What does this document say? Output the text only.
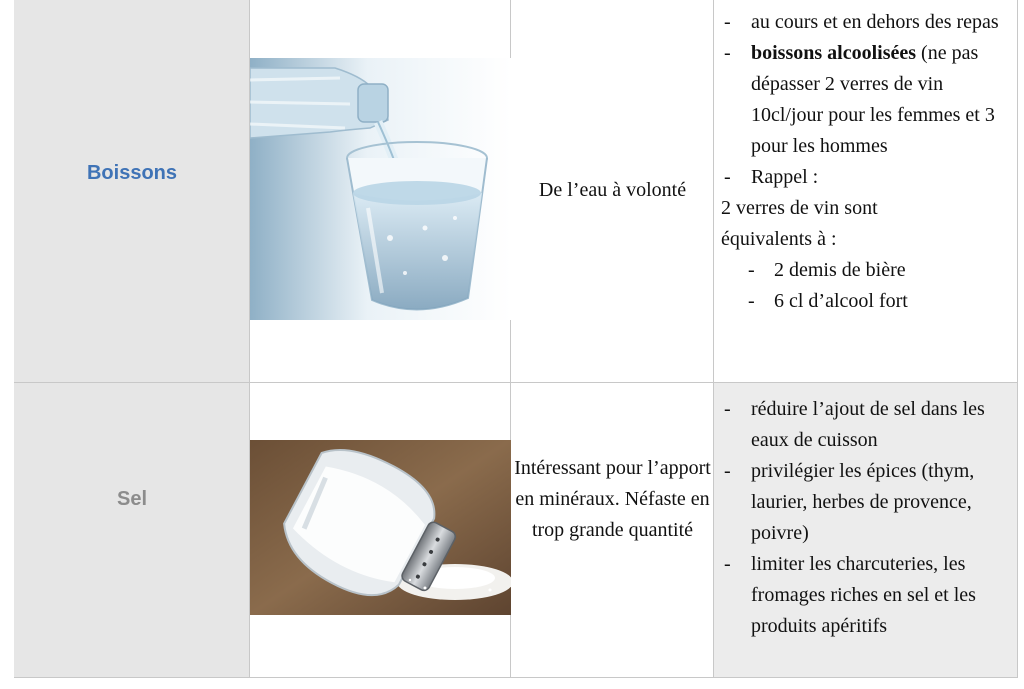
Boissons
De l’eau à volonté
- au cours et en dehors des repas
- boissons alcoolisées (ne pas dépasser 2 verres de vin 10cl/jour pour les femmes et 3 pour les hommes
- Rappel :
2 verres de vin sont
équivalents à :
- 2 demis de bière
- 6 cl d’alcool fort
Sel
Intéressant pour l’apport en minéraux. Néfaste en trop grande quantité
- réduire l’ajout de sel dans les eaux de cuisson
- privilégier les épices (thym, laurier, herbes de provence, poivre)
- limiter les charcuteries, les fromages riches en sel et les produits apéritifs
